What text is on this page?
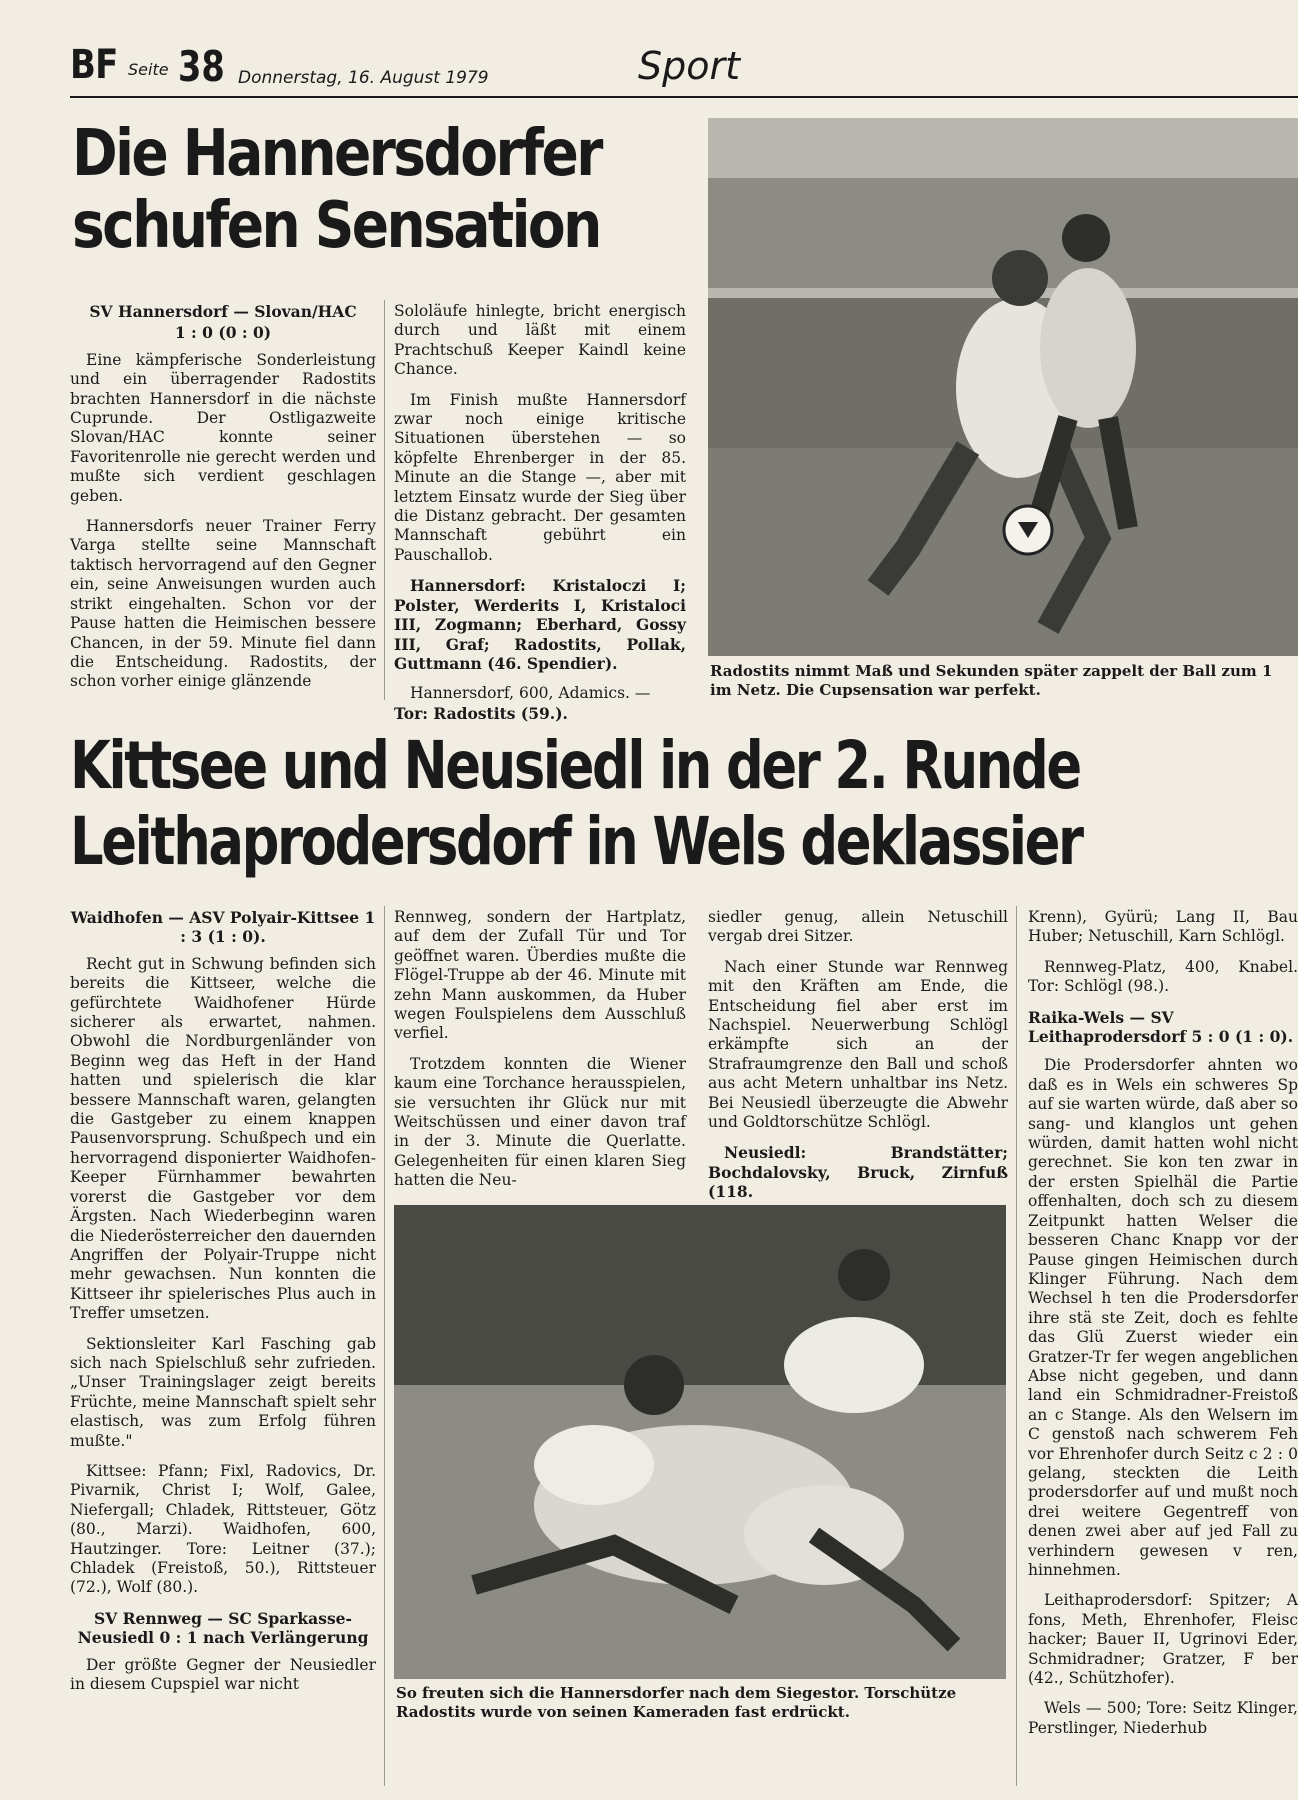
BF Seite 38 Donnerstag, 16. August 1979	Sport
Die Hannersdorfer
schufen Sensation
SV Hannersdorf — Slovan/HAC
1 : 0 (0 : 0)

Eine kämpferische Sonderleistung und ein überragender Radostits brachten Hannersdorf in die nächste Cuprunde. Der Ostligazweite Slovan/HAC konnte seiner Favoritenrolle nie gerecht werden und mußte sich verdient geschlagen geben.

Hannersdorfs neuer Trainer Ferry Varga stellte seine Mannschaft taktisch hervorragend auf den Gegner ein, seine Anweisungen wurden auch strikt eingehalten. Schon vor der Pause hatten die Heimischen bessere Chancen, in der 59. Minute fiel dann die Entscheidung. Radostits, der schon vorher einige glänzende

Sololäufe hinlegte, bricht energisch durch und läßt mit einem Prachtschuß Keeper Kaindl keine Chance.

Im Finish mußte Hannersdorf zwar noch einige kritische Situationen überstehen — so köpfelte Ehrenberger in der 85. Minute an die Stange —, aber mit letztem Einsatz wurde der Sieg über die Distanz gebracht. Der gesamten Mannschaft gebührt ein Pauschallob.

Hannersdorf: Kristaloczi I; Polster, Werderits I, Kristaloci III, Zogmann; Eberhard, Gossy III, Graf; Radostits, Pollak, Guttmann (46. Spendier).

Hannersdorf, 600, Adamics. —

Tor: Radostits (59.).

Radostits nimmt Maß und Sekunden später zappelt der Ball zum 1 im Netz. Die Cupsensation war perfekt.
Kittsee und Neusiedl in der 2. Runde
Leithaprodersdorf in Wels deklassier
Waidhofen — ASV Polyair-Kittsee 1 : 3 (1 : 0).

Recht gut in Schwung befinden sich bereits die Kittseer, welche die gefürchtete Waidhofener Hürde sicherer als erwartet, nahmen. Obwohl die Nordburgenländer von Beginn weg das Heft in der Hand hatten und spielerisch die klar bessere Mannschaft waren, gelangten die Gastgeber zu einem knappen Pausenvorsprung. Schußpech und ein hervorragend disponierter Waidhofen-Keeper Fürnhammer bewahrten vorerst die Gastgeber vor dem Ärgsten. Nach Wiederbeginn waren die Niederösterreicher den dauernden Angriffen der Polyair-Truppe nicht mehr gewachsen. Nun konnten die Kittseer ihr spielerisches Plus auch in Treffer umsetzen.

Sektionsleiter Karl Fasching gab sich nach Spielschluß sehr zufrieden. „Unser Trainingslager zeigt bereits Früchte, meine Mannschaft spielt sehr elastisch, was zum Erfolg führen mußte."

Kittsee: Pfann; Fixl, Radovics, Dr. Pivarnik, Christ I; Wolf, Galee, Niefergall; Chladek, Rittsteuer, Götz (80., Marzi). Waidhofen, 600, Hautzinger. Tore: Leitner (37.); Chladek (Freistoß, 50.), Rittsteuer (72.), Wolf (80.).

SV Rennweg — SC Sparkasse-Neusiedl 0 : 1 nach Verlängerung

Der größte Gegner der Neusiedler in diesem Cupspiel war nicht

Rennweg, sondern der Hartplatz, auf dem der Zufall Tür und Tor geöffnet waren. Überdies mußte die Flögel-Truppe ab der 46. Minute mit zehn Mann auskommen, da Huber wegen Foulspielens dem Ausschluß verfiel.

Trotzdem konnten die Wiener kaum eine Torchance herausspielen, sie versuchten ihr Glück nur mit Weitschüssen und einer davon traf in der 3. Minute die Querlatte. Gelegenheiten für einen klaren Sieg hatten die Neu-

siedler genug, allein Netuschill vergab drei Sitzer.

Nach einer Stunde war Rennweg mit den Kräften am Ende, die Entscheidung fiel aber erst im Nachspiel. Neuerwerbung Schlögl erkämpfte sich an der Strafraumgrenze den Ball und schoß aus acht Metern unhaltbar ins Netz. Bei Neusiedl überzeugte die Abwehr und Goldtorschütze Schlögl.

Neusiedl: Brandstätter; Bochdalovsky, Bruck, Zirnfuß (118.

So freuten sich die Hannersdorfer nach dem Siegestor. Torschütze Radostits wurde von seinen Kameraden fast erdrückt.

Krenn), Gyürü; Lang II, Bau Huber; Netuschill, Karn Schlögl.

Rennweg-Platz, 400, Knabel. Tor: Schlögl (98.).

Raika-Wels — SV Leithaprodersdorf 5 : 0 (1 : 0).

Die Prodersdorfer ahnten wo daß es in Wels ein schweres Sp auf sie warten würde, daß aber so sang- und klanglos unt gehen würden, damit hatten wohl nicht gerechnet. Sie kon ten zwar in der ersten Spielhäl die Partie offenhalten, doch sch zu diesem Zeitpunkt hatten Welser die besseren Chanc Knapp vor der Pause gingen Heimischen durch Klinger Führung. Nach dem Wechsel h ten die Prodersdorfer ihre stä ste Zeit, doch es fehlte das Glü Zuerst wieder ein Gratzer-Tr fer wegen angeblichen Abse nicht gegeben, und dann land ein Schmidradner-Freistoß an c Stange. Als den Welsern im C genstoß nach schwerem Feh vor Ehrenhofer durch Seitz c 2 : 0 gelang, steckten die Leith prodersdorfer auf und mußt noch drei weitere Gegentreff von denen zwei aber auf jed Fall zu verhindern gewesen v ren, hinnehmen.

Leithaprodersdorf: Spitzer; A fons, Meth, Ehrenhofer, Fleisc hacker; Bauer II, Ugrinovi Eder, Schmidradner; Gratzer, F ber (42., Schützhofer).

Wels — 500; Tore: Seitz Klinger, Perstlinger, Niederhub
